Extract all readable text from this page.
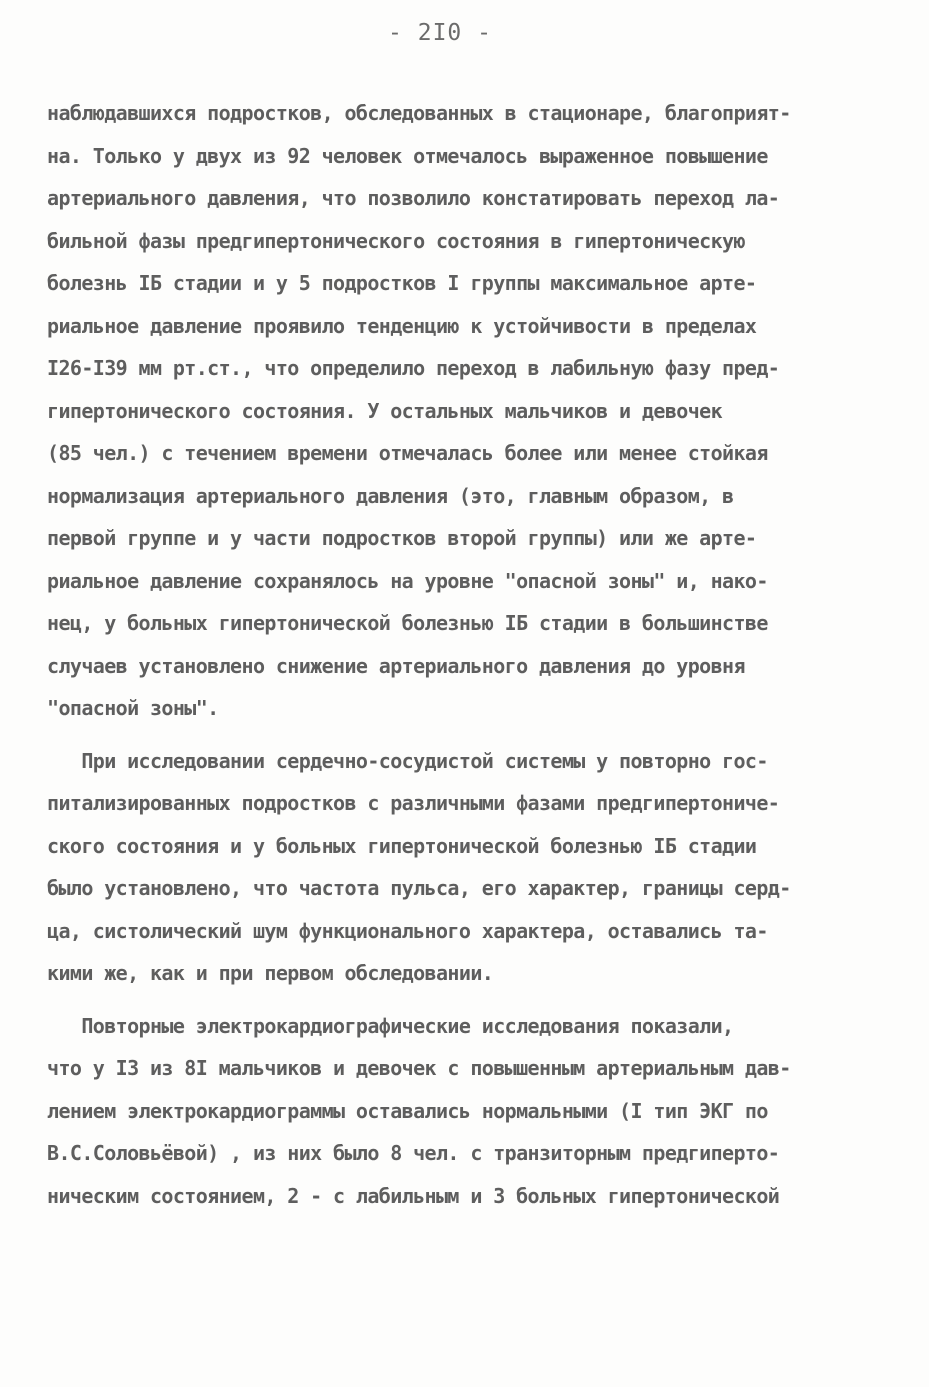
- 2I0 -
наблюдавшихся подростков, обследованных в стационаре, благоприят-
на. Только у двух из 92 человек отмечалось выраженное повышение
артериального давления, что позволило констатировать переход ла-
бильной фазы предгипертонического состояния в гипертоническую
болезнь IБ стадии и у 5 подростков I группы максимальное арте-
риальное давление проявило тенденцию к устойчивости в пределах
I26-I39 мм рт.ст., что определило переход в лабильную фазу пред-
гипертонического состояния. У остальных мальчиков и девочек
(85 чел.) с течением времени отмечалась более или менее стойкая
нормализация артериального давления (это, главным образом, в
первой группе и у части подростков второй группы) или же арте-
риальное давление сохранялось на уровне "опасной зоны" и, нако-
нец, у больных гипертонической болезнью IБ стадии в большинстве
случаев установлено снижение артериального давления до уровня
"опасной зоны".
При исследовании сердечно-сосудистой системы у повторно гос-
питализированных подростков с различными фазами предгипертониче-
ского состояния и у больных гипертонической болезнью IБ стадии
было установлено, что частота пульса, его характер, границы серд-
ца, систолический шум функционального характера, оставались та-
кими же, как и при первом обследовании.
Повторные электрокардиографические исследования показали,
что у I3 из 8I мальчиков и девочек с повышенным артериальным дав-
лением электрокардиограммы оставались нормальными (I тип ЭКГ по
В.С.Соловьёвой) , из них было 8 чел. с транзиторным предгиперто-
ническим состоянием, 2 - с лабильным и 3 больных гипертонической
